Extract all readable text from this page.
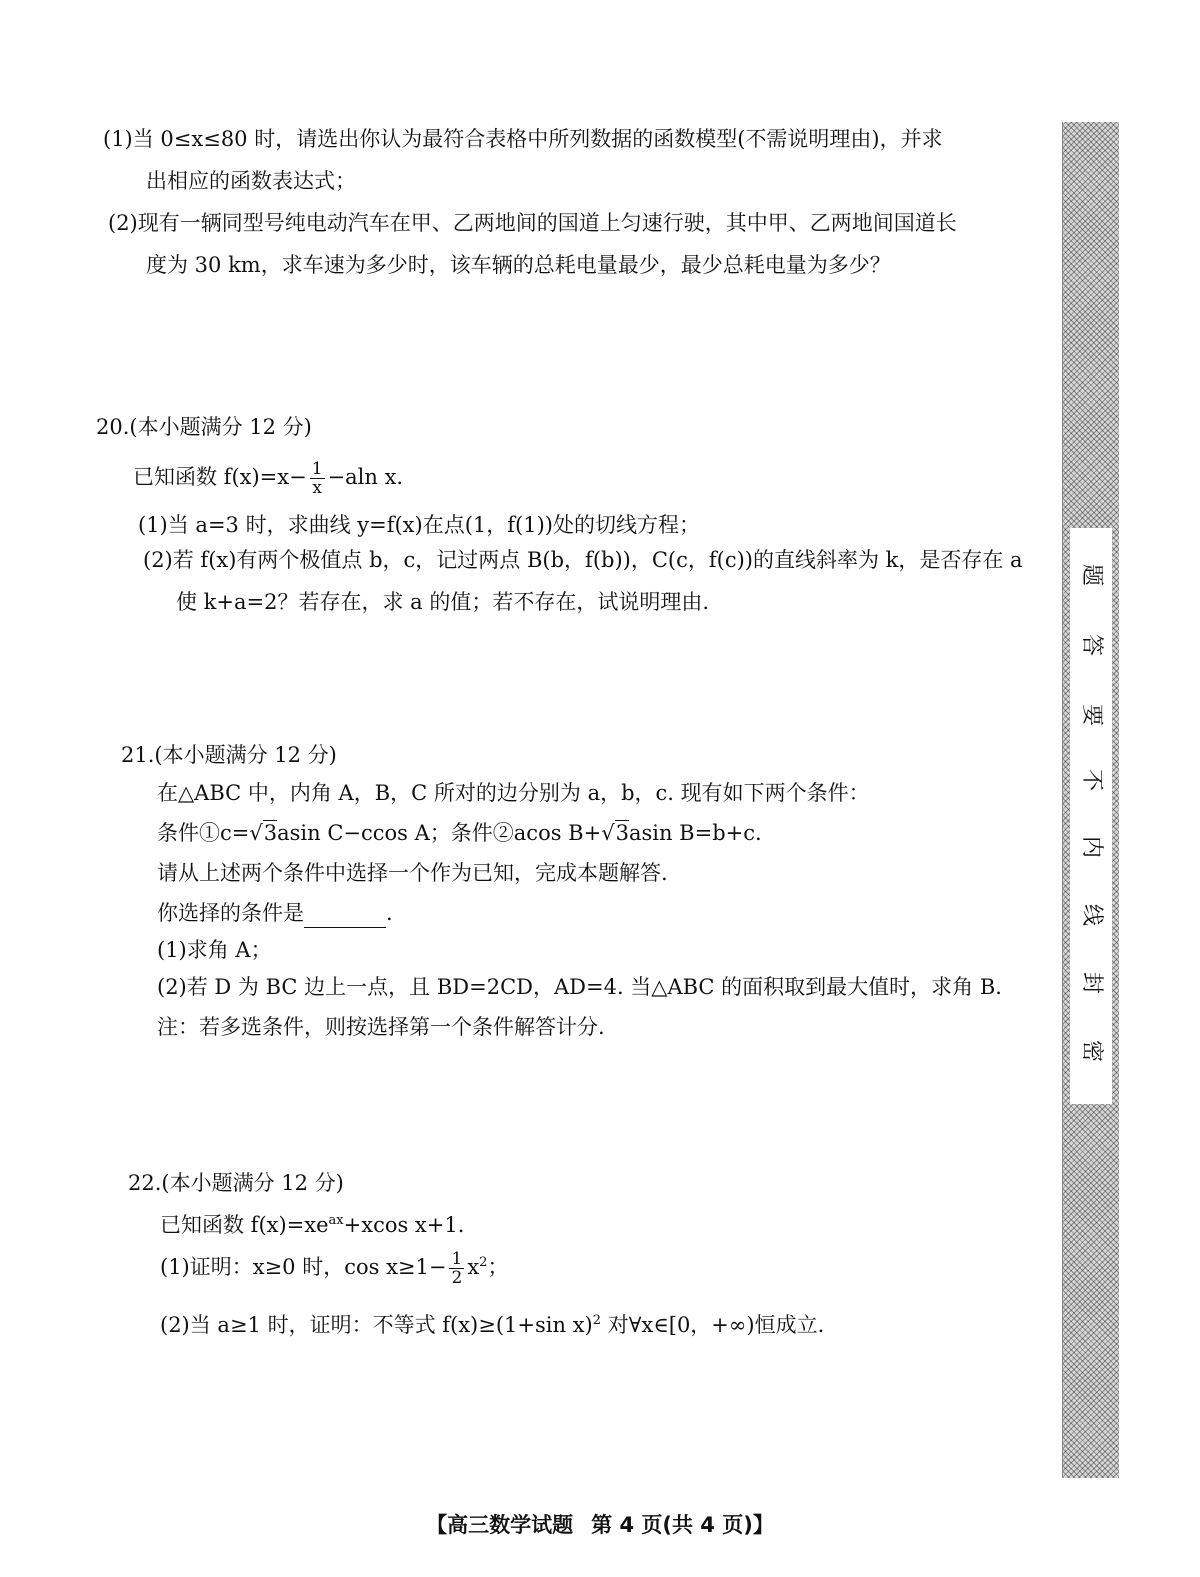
(1)当 0≤x≤80 时，请选出你认为最符合表格中所列数据的函数模型(不需说明理由)，并求
出相应的函数表达式；
(2)现有一辆同型号纯电动汽车在甲、乙两地间的国道上匀速行驶，其中甲、乙两地间国道长
度为 30 km，求车速为多少时，该车辆的总耗电量最少，最少总耗电量为多少？
20.(本小题满分 12 分)
已知函数 $f(x)=x- \frac{1}{x} -aln$ x.
(1)当 a=3 时，求曲线 y=f(x)在点(1，f(1))处的切线方程；
(2)若 f(x)有两个极值点 b，c，记过两点 B(b，f(b))，C(c，f(c))的直线斜率为 k，是否存在 a
使 k+a=2？若存在，求 a 的值；若不存在，试说明理由.
21.(本小题满分 12 分)
在△ABC 中，内角 A，B，C 所对的边分别为 a，b，c. 现有如下两个条件：
条件①c=√3asin C−ccos A；条件②acos B+√3asin B=b+c.
请从上述两个条件中选择一个作为已知，完成本题解答.
你选择的条件是	.
(1)求角 A；
(2)若 D 为 BC 边上一点，且 BD=2CD，AD=4. 当△ABC 的面积取到最大值时，求角 B.
注：若多选条件，则按选择第一个条件解答计分.
22.(本小题满分 12 分)
已知函数 $f(x)=xe^{ax}+xcos$ x+1.
(1)证明：x≥0 时，$\cos x\ge 1- \frac{1}{2} x^2$；
(2)当 a≥1 时，证明：不等式 f(x)≥(1+sin x)$^2$ 对∀x∈[0，+∞)恒成立.
题
答
要
不
内
线
封
密
【高三数学试题 第 4 页(共 4 页)】
